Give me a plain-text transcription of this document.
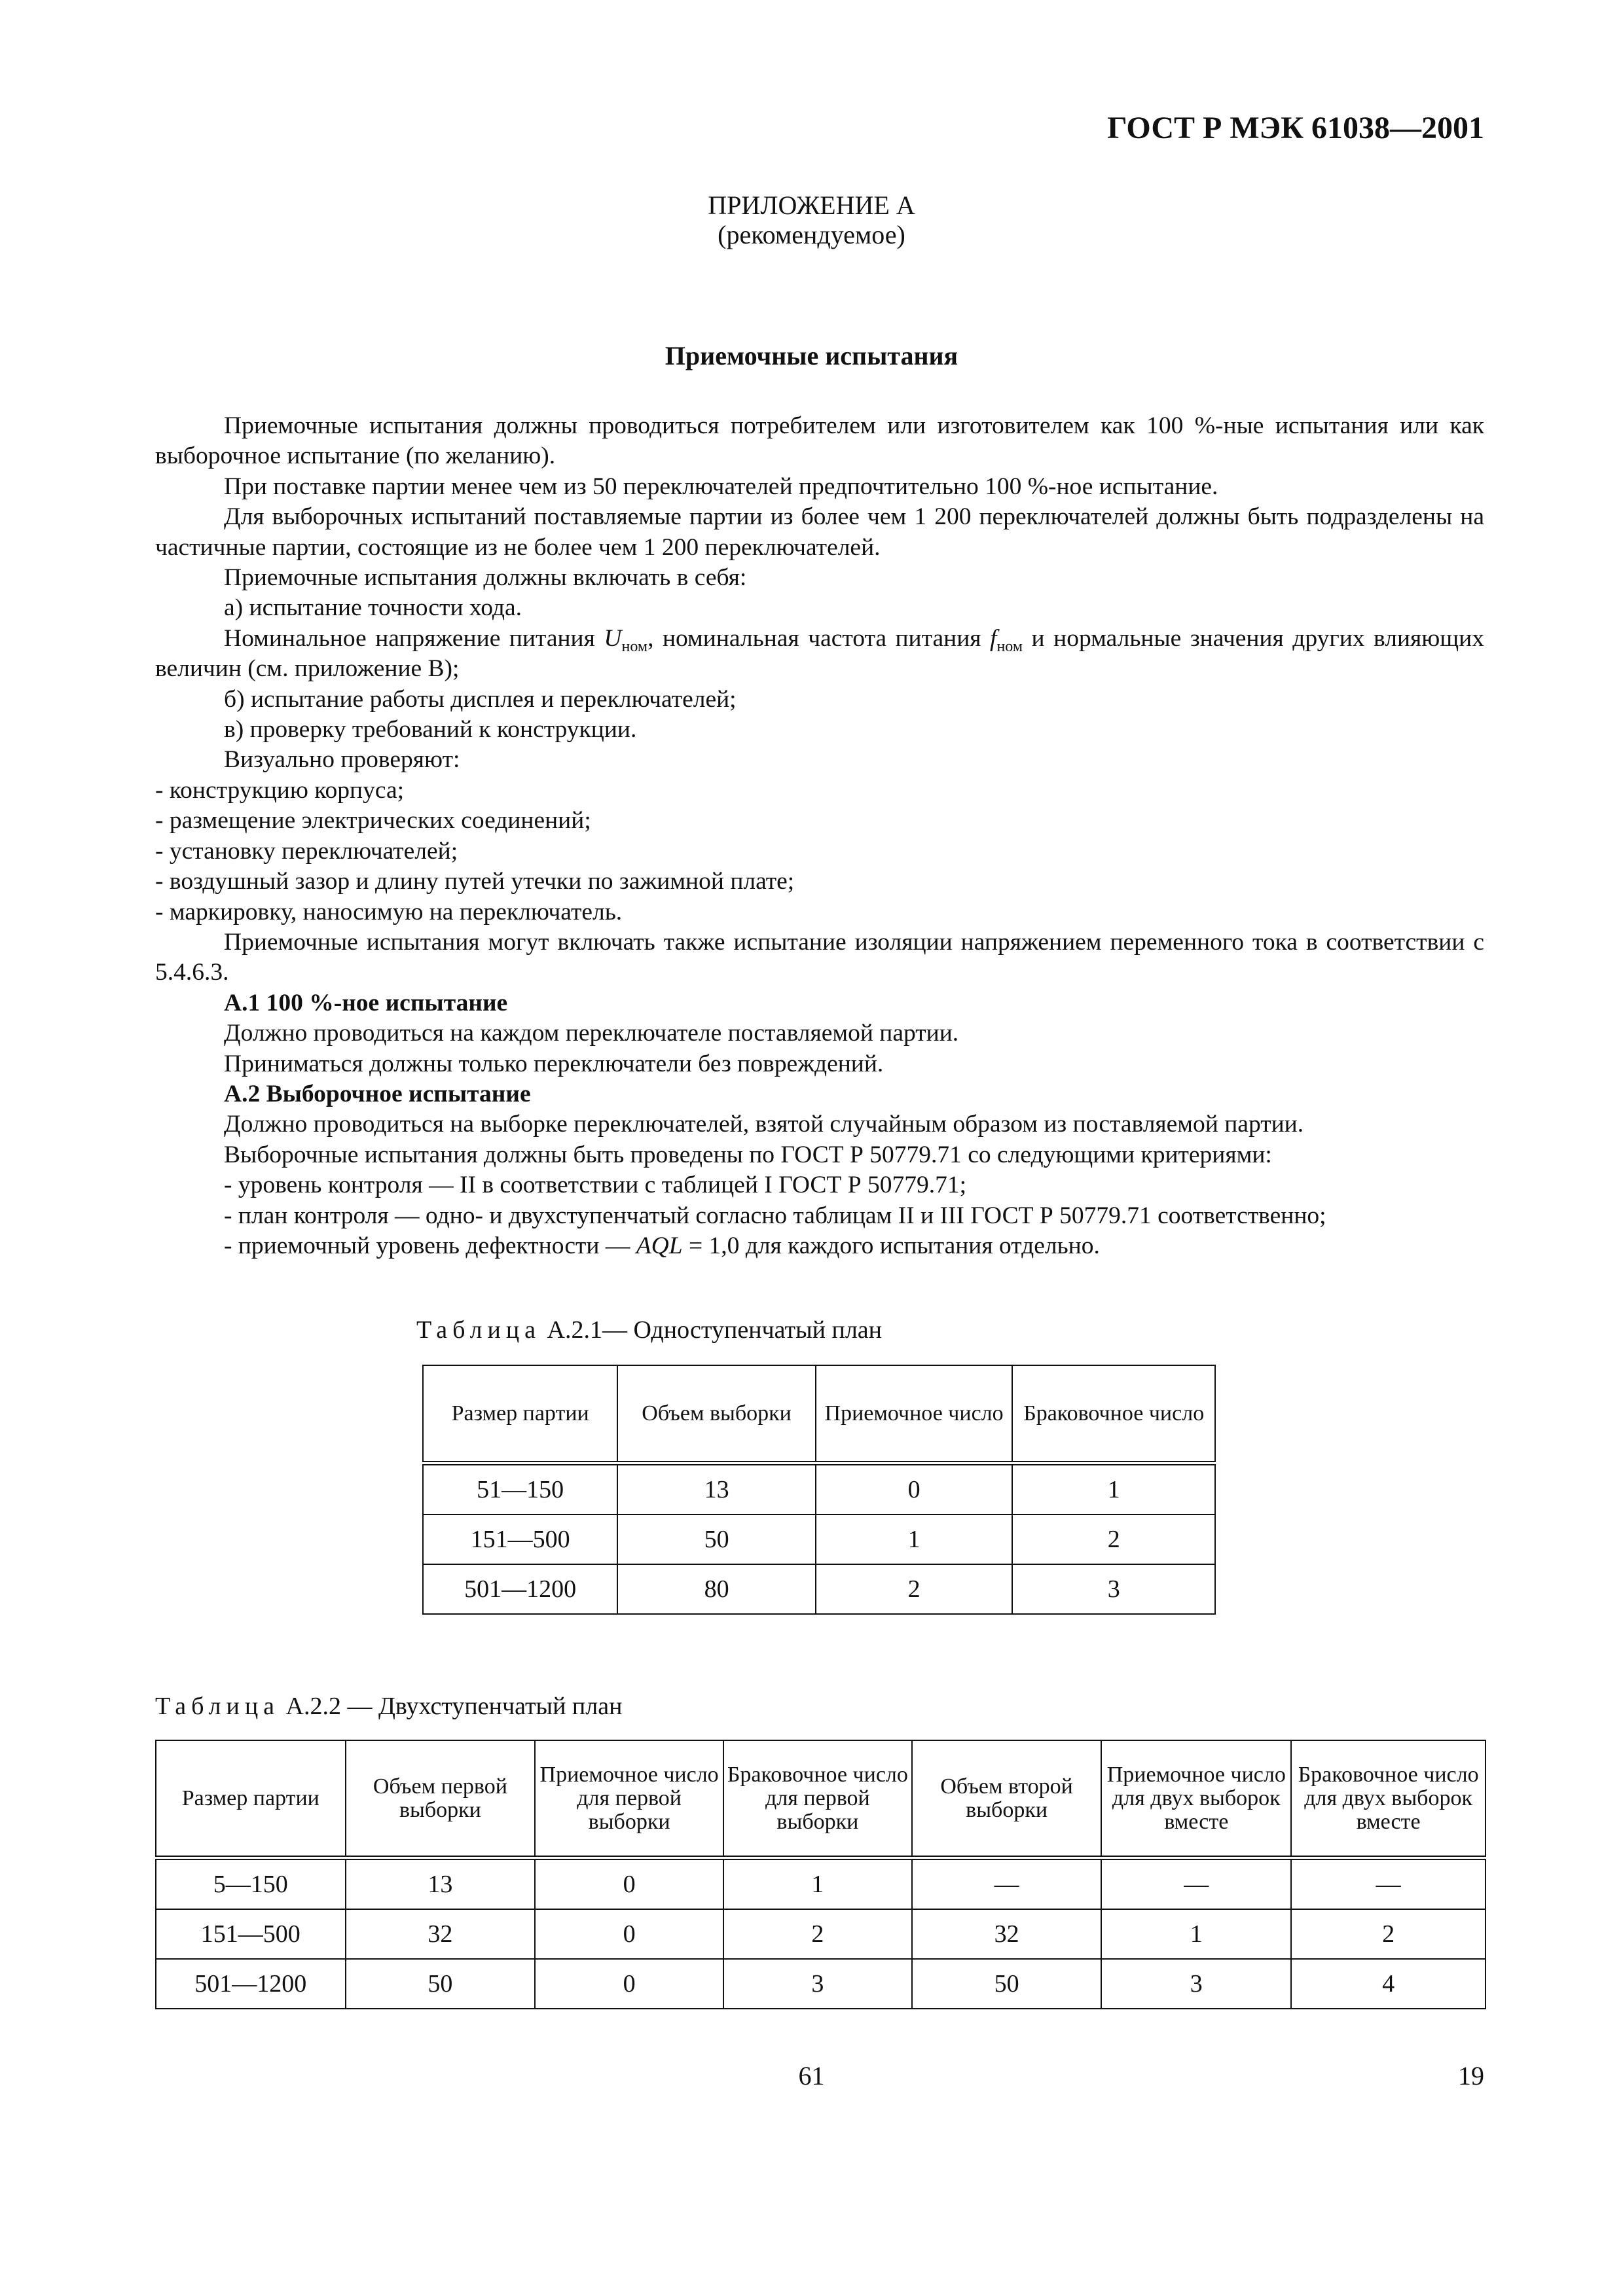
ГОСТ Р МЭК 61038—2001
ПРИЛОЖЕНИЕ А
(рекомендуемое)
Приемочные испытания

Приемочные испытания должны проводиться потребителем или изготовителем как 100 %-ные испытания или как выборочное испытание (по желанию).

При поставке партии менее чем из 50 переключателей предпочтительно 100 %-ное испытание.

Для выборочных испытаний поставляемые партии из более чем 1 200 переключателей должны быть подразделены на частичные партии, состоящие из не более чем 1 200 переключателей.

Приемочные испытания должны включать в себя:

а) испытание точности хода.

Номинальное напряжение питания $U_{ном}$, номинальная частота питания $f_{ном}$ и нормальные значения других влияющих величин (см. приложение В);

б) испытание работы дисплея и переключателей;

в) проверку требований к конструкции.

Визуально проверяют:

- конструкцию корпуса;

- размещение электрических соединений;

- установку переключателей;

- воздушный зазор и длину путей утечки по зажимной плате;

- маркировку, наносимую на переключатель.

Приемочные испытания могут включать также испытание изоляции напряжением переменного тока в соответствии с 5.4.6.3.

А.1 100 %-ное испытание

Должно проводиться на каждом переключателе поставляемой партии.

Приниматься должны только переключатели без повреждений.

А.2 Выборочное испытание

Должно проводиться на выборке переключателей, взятой случайным образом из поставляемой партии.

Выборочные испытания должны быть проведены по ГОСТ Р 50779.71 со следующими критериями:

- уровень контроля — II в соответствии с таблицей I ГОСТ Р 50779.71;

- план контроля — одно- и двухступенчатый согласно таблицам II и III ГОСТ Р 50779.71 соответственно;

- приемочный уровень дефектности — AQL = 1,0 для каждого испытания отдельно.

Таблица А.2.1— Одноступенчатый план
Размер партии	Объем выборки	Приемочное число	Браковочное число
51—150	13	0	1
151—500	50	1	2
501—1200	80	2	3
Таблица А.2.2 — Двухступенчатый план
Размер партии	Объем первой выборки	Приемочное число для первой выборки	Браковочное число для первой выборки	Объем второй выборки	Приемочное число для двух выборок вместе	Браковочное число для двух выборок вместе
5—150	13	0	1	—	—	—
151—500	32	0	2	32	1	2
501—1200	50	0	3	50	3	4
61	19
